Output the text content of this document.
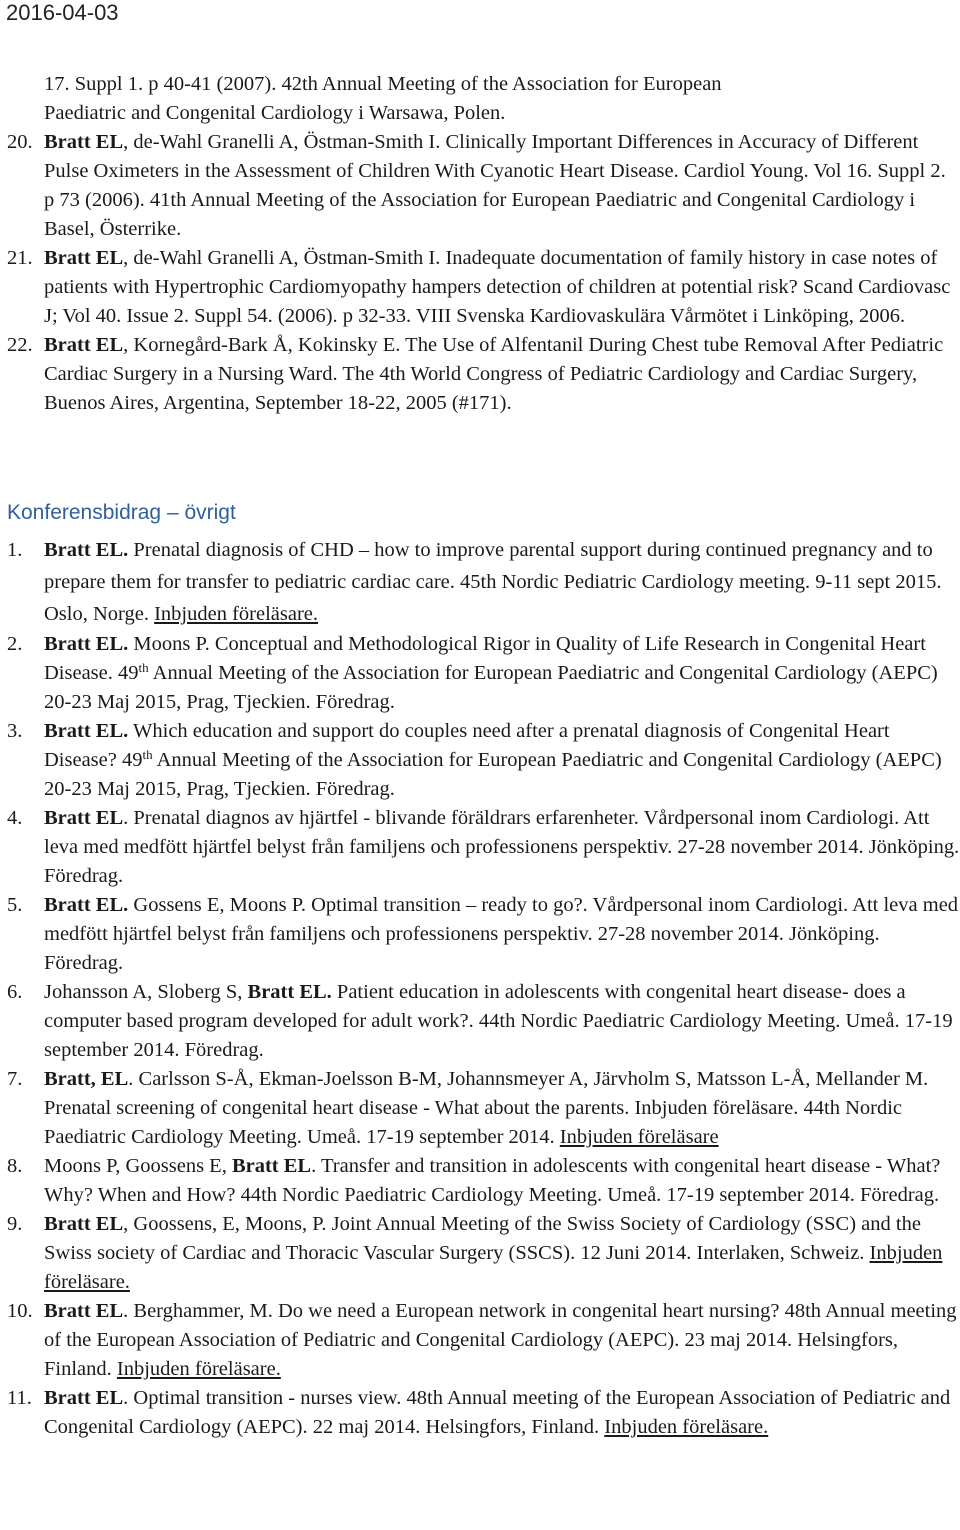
2016-04-03
17. Suppl 1. p 40-41 (2007). 42th Annual Meeting of the Association for European
Paediatric and Congenital Cardiology i Warsawa, Polen.
20. Bratt EL, de-Wahl Granelli A, Östman-Smith I. Clinically Important Differences in Accuracy of Different Pulse Oximeters in the Assessment of Children With Cyanotic Heart Disease. Cardiol Young. Vol 16. Suppl 2. p 73 (2006). 41th Annual Meeting of the Association for European Paediatric and Congenital Cardiology i Basel, Österrike.
21. Bratt EL, de-Wahl Granelli A, Östman-Smith I. Inadequate documentation of family history in case notes of patients with Hypertrophic Cardiomyopathy hampers detection of children at potential risk? Scand Cardiovasc J; Vol 40. Issue 2. Suppl 54. (2006). p 32-33. VIII Svenska Kardiovaskulära Vårmötet i Linköping, 2006.
22. Bratt EL, Kornegård-Bark Å, Kokinsky E. The Use of Alfentanil During Chest tube Removal After Pediatric Cardiac Surgery in a Nursing Ward. The 4th World Congress of Pediatric Cardiology and Cardiac Surgery, Buenos Aires, Argentina, September 18-22, 2005 (#171).
Konferensbidrag – övrigt
1.	Bratt EL. Prenatal diagnosis of CHD – how to improve parental support during continued pregnancy and to prepare them for transfer to pediatric cardiac care. 45th Nordic Pediatric Cardiology meeting. 9-11 sept 2015. Oslo, Norge. Inbjuden föreläsare.
2.	Bratt EL. Moons P. Conceptual and Methodological Rigor in Quality of Life Research in Congenital Heart Disease. 49th Annual Meeting of the Association for European Paediatric and Congenital Cardiology (AEPC) 20-23 Maj 2015, Prag, Tjeckien. Föredrag.
3.	Bratt EL. Which education and support do couples need after a prenatal diagnosis of Congenital Heart Disease? 49th Annual Meeting of the Association for European Paediatric and Congenital Cardiology (AEPC) 20-23 Maj 2015, Prag, Tjeckien. Föredrag.
4.	Bratt EL. Prenatal diagnos av hjärtfel - blivande föräldrars erfarenheter. Vårdpersonal inom Cardiologi. Att leva med medfött hjärtfel belyst från familjens och professionens perspektiv. 27-28 november 2014. Jönköping. Föredrag.
5.	Bratt EL. Gossens E, Moons P. Optimal transition – ready to go?. Vårdpersonal inom Cardiologi. Att leva med medfött hjärtfel belyst från familjens och professionens perspektiv. 27-28 november 2014. Jönköping. Föredrag.
6.	Johansson A, Sloberg S, Bratt EL. Patient education in adolescents with congenital heart disease- does a computer based program developed for adult work?. 44th Nordic Paediatric Cardiology Meeting. Umeå. 17-19 september 2014. Föredrag.
7.	Bratt, EL. Carlsson S-Å, Ekman-Joelsson B-M, Johannsmeyer A, Järvholm S, Matsson L-Å, Mellander M. Prenatal screening of congenital heart disease - What about the parents. Inbjuden föreläsare. 44th Nordic Paediatric Cardiology Meeting. Umeå. 17-19 september 2014. Inbjuden föreläsare
8.	Moons P, Goossens E, Bratt EL. Transfer and transition in adolescents with congenital heart disease - What? Why? When and How? 44th Nordic Paediatric Cardiology Meeting. Umeå. 17-19 september 2014. Föredrag.
9.	Bratt EL, Goossens, E, Moons, P. Joint Annual Meeting of the Swiss Society of Cardiology (SSC) and the Swiss society of Cardiac and Thoracic Vascular Surgery (SSCS). 12 Juni 2014. Interlaken, Schweiz. Inbjuden föreläsare.
10. Bratt EL. Berghammer, M. Do we need a European network in congenital heart nursing? 48th Annual meeting of the European Association of Pediatric and Congenital Cardiology (AEPC). 23 maj 2014. Helsingfors, Finland. Inbjuden föreläsare.
11. Bratt EL. Optimal transition - nurses view. 48th Annual meeting of the European Association of Pediatric and Congenital Cardiology (AEPC). 22 maj 2014. Helsingfors, Finland. Inbjuden föreläsare.
